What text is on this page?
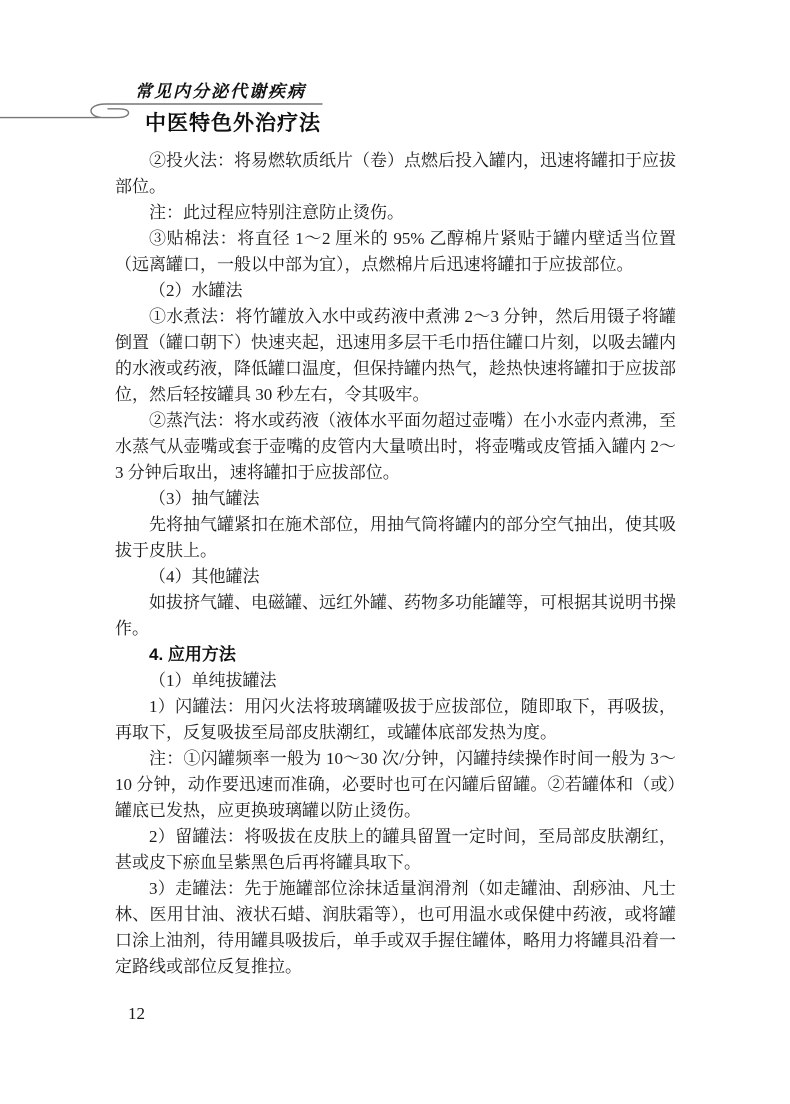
常见内分泌代谢疾病
中医特色外治疗法

②投火法：将易燃软质纸片（卷）点燃后投入罐内，迅速将罐扣于应拔部位。

注：此过程应特别注意防止烫伤。

③贴棉法：将直径 1～2 厘米的 95% 乙醇棉片紧贴于罐内壁适当位置（远离罐口，一般以中部为宜），点燃棉片后迅速将罐扣于应拔部位。

（2）水罐法

①水煮法：将竹罐放入水中或药液中煮沸 2～3 分钟，然后用镊子将罐倒置（罐口朝下）快速夹起，迅速用多层干毛巾捂住罐口片刻，以吸去罐内的水液或药液，降低罐口温度，但保持罐内热气，趁热快速将罐扣于应拔部位，然后轻按罐具 30 秒左右，令其吸牢。

②蒸汽法：将水或药液（液体水平面勿超过壶嘴）在小水壶内煮沸，至水蒸气从壶嘴或套于壶嘴的皮管内大量喷出时，将壶嘴或皮管插入罐内 2～3 分钟后取出，速将罐扣于应拔部位。

（3）抽气罐法

先将抽气罐紧扣在施术部位，用抽气筒将罐内的部分空气抽出，使其吸拔于皮肤上。

（4）其他罐法

如拔挤气罐、电磁罐、远红外罐、药物多功能罐等，可根据其说明书操作。

4. 应用方法

（1）单纯拔罐法

1）闪罐法：用闪火法将玻璃罐吸拔于应拔部位，随即取下，再吸拔，再取下，反复吸拔至局部皮肤潮红，或罐体底部发热为度。

注：①闪罐频率一般为 10～30 次/分钟，闪罐持续操作时间一般为 3～10 分钟，动作要迅速而准确，必要时也可在闪罐后留罐。②若罐体和（或）罐底已发热，应更换玻璃罐以防止烫伤。

2）留罐法：将吸拔在皮肤上的罐具留置一定时间，至局部皮肤潮红，甚或皮下瘀血呈紫黑色后再将罐具取下。

3）走罐法：先于施罐部位涂抹适量润滑剂（如走罐油、刮痧油、凡士林、医用甘油、液状石蜡、润肤霜等），也可用温水或保健中药液，或将罐口涂上油剂，待用罐具吸拔后，单手或双手握住罐体，略用力将罐具沿着一定路线或部位反复推拉。

12
